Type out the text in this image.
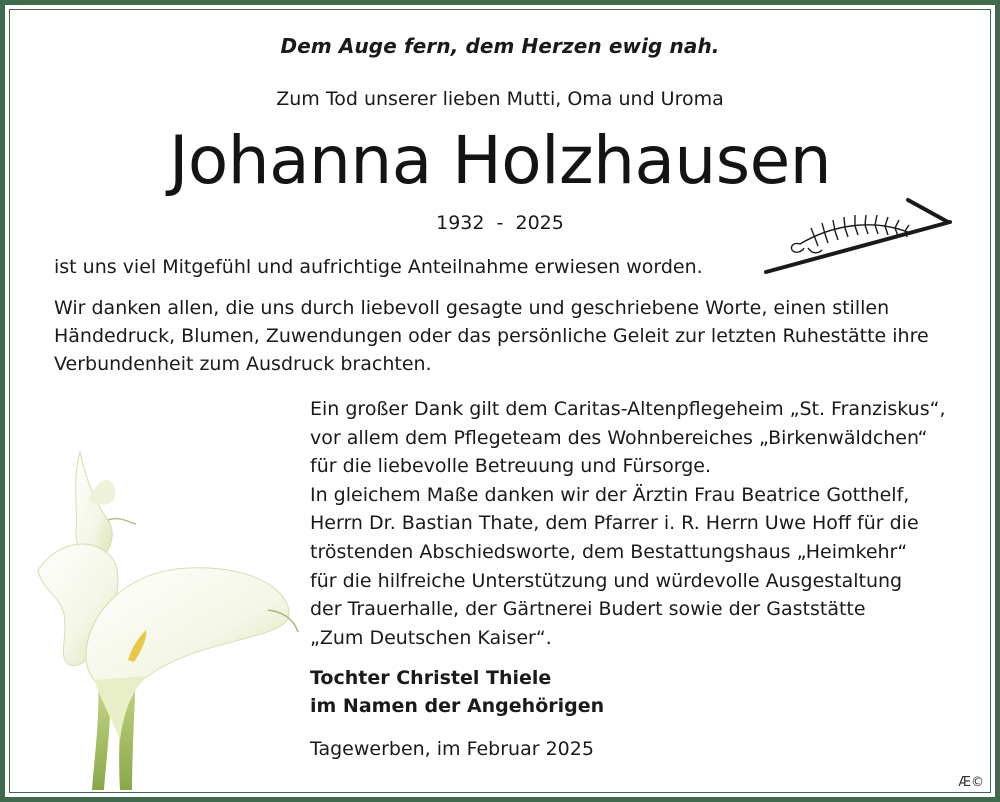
Dem Auge fern, dem Herzen ewig nah.
Zum Tod unserer lieben Mutti, Oma und Uroma
Johanna Holzhausen
1932  -  2025
ist uns viel Mitgefühl und aufrichtige Anteilnahme erwiesen worden.
Wir danken allen, die uns durch liebevoll gesagte und geschriebene Worte, einen stillen
Händedruck, Blumen, Zuwendungen oder das persönliche Geleit zur letzten Ruhestätte ihre
Verbundenheit zum Ausdruck brachten.
Ein großer Dank gilt dem Caritas-Altenpflegeheim „St. Franziskus“,
vor allem dem Pflegeteam des Wohnbereiches „Birkenwäldchen“
für die liebevolle Betreuung und Fürsorge.
In gleichem Maße danken wir der Ärztin Frau Beatrice Gotthelf,
Herrn Dr. Bastian Thate, dem Pfarrer i. R. Herrn Uwe Hoff für die
tröstenden Abschiedsworte, dem Bestattungshaus „Heimkehr“
für die hilfreiche Unterstützung und würdevolle Ausgestaltung
der Trauerhalle, der Gärtnerei Budert sowie der Gaststätte
„Zum Deutschen Kaiser“.
Tochter Christel Thiele
im Namen der Angehörigen
Tagewerben, im Februar 2025
Æ©
